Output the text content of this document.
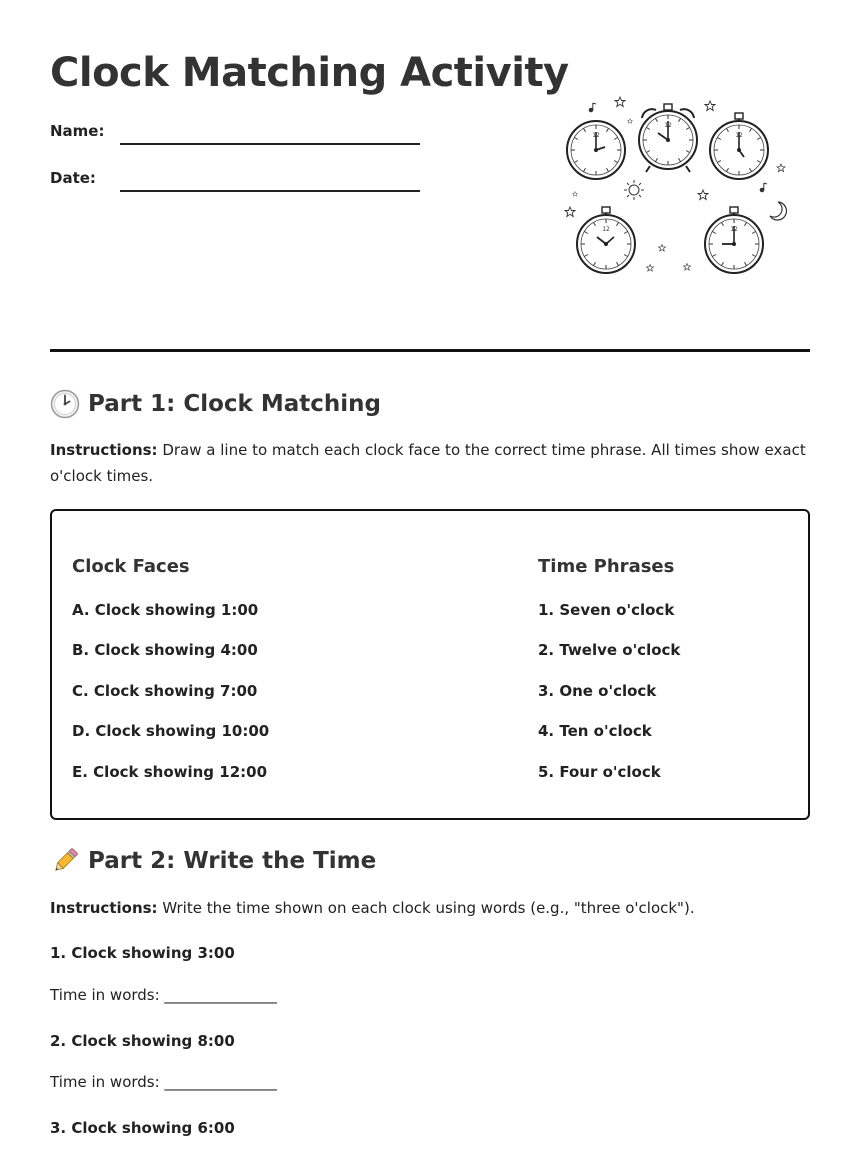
Clock Matching Activity
Name:
Date:
Part 1: Clock Matching

Instructions: Draw a line to match each clock face to the correct time phrase. All times show exact o'clock times.

Clock Faces	Time Phrases
A. Clock showing 1:00
B. Clock showing 4:00
C. Clock showing 7:00
D. Clock showing 10:00
E. Clock showing 12:00
1. Seven o'clock
2. Twelve o'clock
3. One o'clock
4. Ten o'clock
5. Four o'clock
Part 2: Write the Time

Instructions: Write the time shown on each clock using words (e.g., "three o'clock").

1. Clock showing 3:00
Time in words: _______________
2. Clock showing 8:00
Time in words: _______________
3. Clock showing 6:00
